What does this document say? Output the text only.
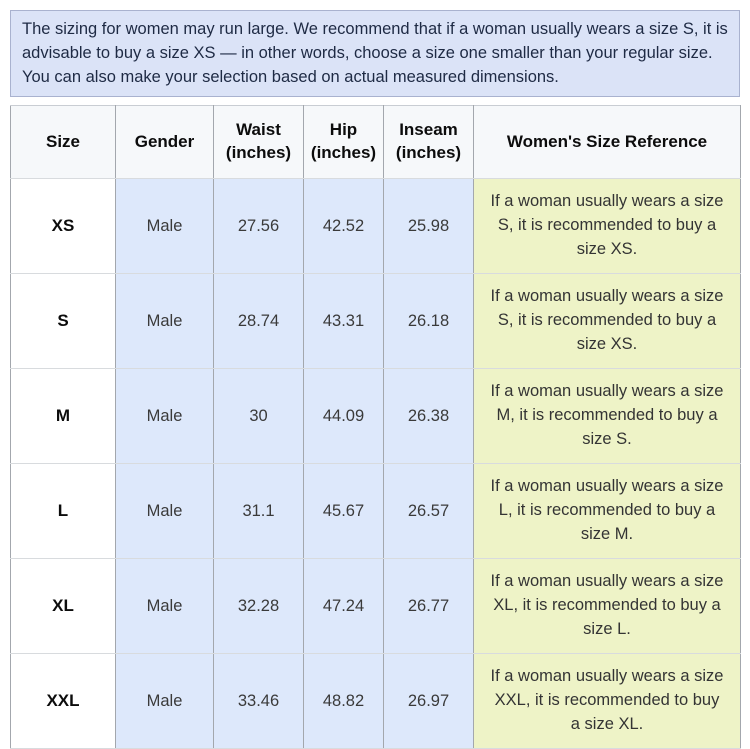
The sizing for women may run large. We recommend that if a woman usually wears a size S, it is advisable to buy a size XS — in other words, choose a size one smaller than your regular size. You can also make your selection based on actual measured dimensions.
Size	Gender	Waist (inches)	Hip (inches)	Inseam (inches)	Women's Size Reference
XS	Male	27.56	42.52	25.98	If a woman usually wears a size S, it is recommended to buy a size XS.
S	Male	28.74	43.31	26.18	If a woman usually wears a size S, it is recommended to buy a size XS.
M	Male	30	44.09	26.38	If a woman usually wears a size M, it is recommended to buy a size S.
L	Male	31.1	45.67	26.57	If a woman usually wears a size L, it is recommended to buy a size M.
XL	Male	32.28	47.24	26.77	If a woman usually wears a size XL, it is recommended to buy a size L.
XXL	Male	33.46	48.82	26.97	If a woman usually wears a size XXL, it is recommended to buy a size XL.
